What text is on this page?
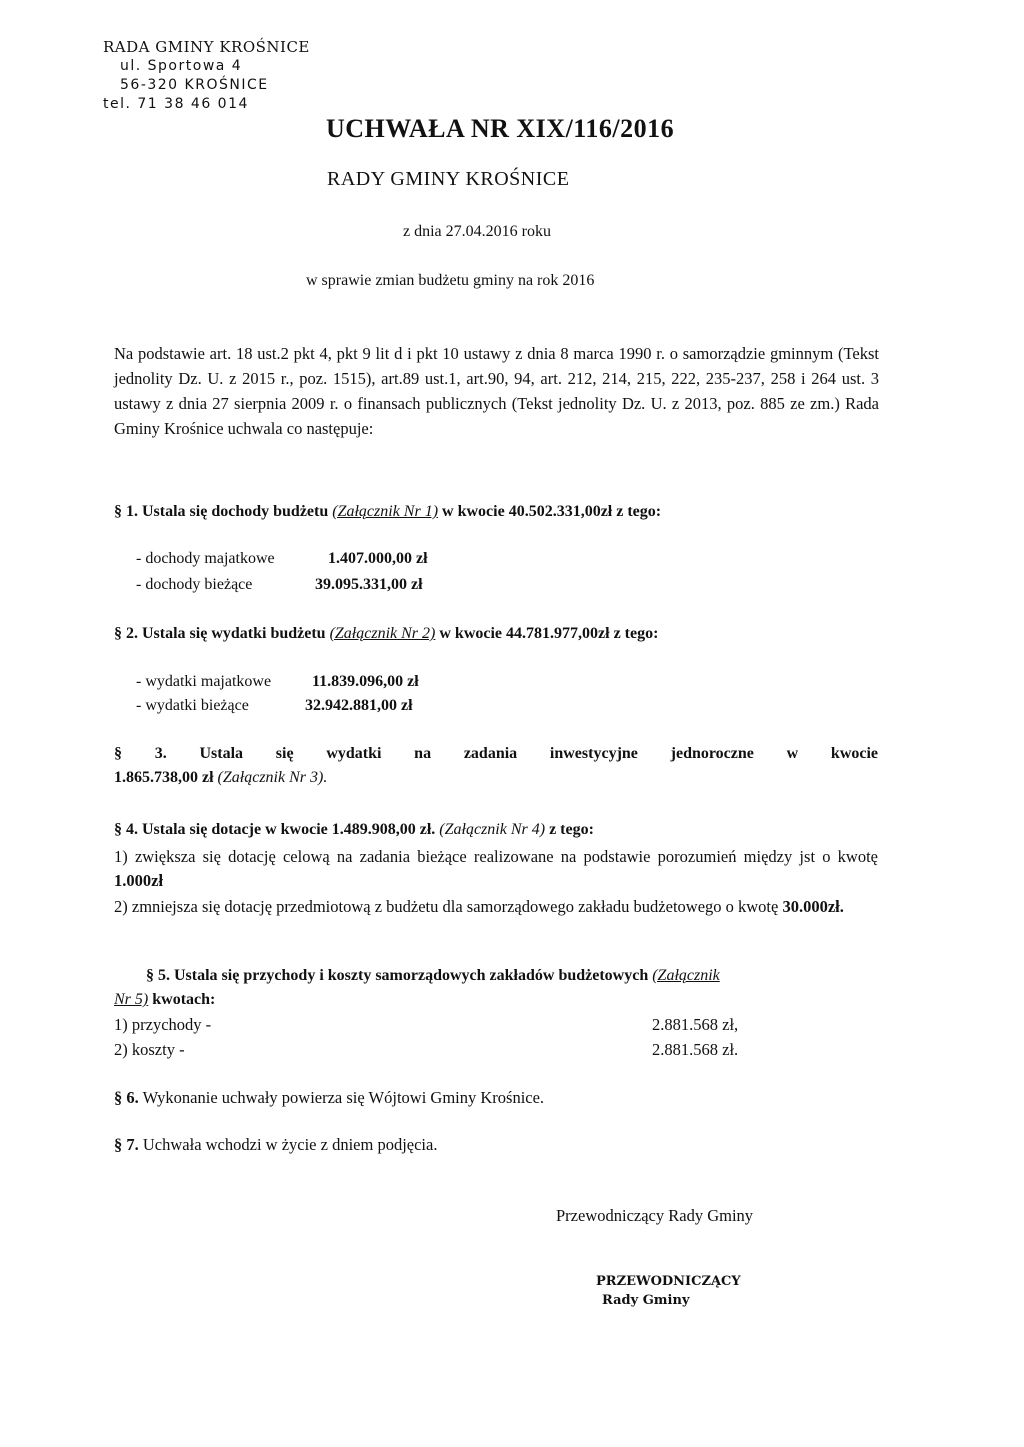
RADA GMINY KROŚNICE
ul. Sportowa 4
56-320 KROŚNICE
tel. 71 38 46 014
UCHWAŁA NR XIX/116/2016
RADY GMINY KROŚNICE
z dnia 27.04.2016 roku
w sprawie zmian budżetu gminy na rok 2016
Na podstawie art. 18 ust.2 pkt 4, pkt 9 lit d i pkt 10 ustawy z dnia 8 marca 1990 r. o samorządzie gminnym (Tekst jednolity Dz. U. z 2015 r., poz. 1515), art.89 ust.1, art.90, 94, art. 212, 214, 215, 222, 235-237, 258 i 264 ust. 3 ustawy z dnia 27 sierpnia 2009 r. o finansach publicznych (Tekst jednolity Dz. U. z 2013, poz. 885 ze zm.) Rada Gminy Krośnice uchwala co następuje:
§ 1. Ustala się dochody budżetu (Załącznik Nr 1) w kwocie 40.502.331,00zł z tego:
- dochody majatkowe	1.407.000,00 zł
- dochody bieżące	39.095.331,00 zł
§ 2. Ustala się wydatki budżetu (Załącznik Nr 2) w kwocie 44.781.977,00zł z tego:
- wydatki majatkowe	11.839.096,00 zł
- wydatki bieżące	32.942.881,00 zł
§ 3. Ustala się wydatki na zadania inwestycyjne jednoroczne w kwocie
1.865.738,00 zł (Załącznik Nr 3).
§ 4. Ustala się dotacje w kwocie 1.489.908,00 zł. (Załącznik Nr 4) z tego:
1) zwiększa się dotację celową na zadania bieżące realizowane na podstawie porozumień między jst o kwotę 1.000zł
2) zmniejsza się dotację przedmiotową z budżetu dla samorządowego zakładu budżetowego o kwotę 30.000zł.
§ 5. Ustala się przychody i koszty samorządowych zakładów budżetowych (Załącznik
Nr 5) kwotach:
1) przychody -	2.881.568 zł,
2) koszty -	2.881.568 zł.
§ 6. Wykonanie uchwały powierza się Wójtowi Gminy Krośnice.
§ 7. Uchwała wchodzi w życie z dniem podjęcia.
Przewodniczący Rady Gminy
PRZEWODNICZĄCY
Rady Gminy
